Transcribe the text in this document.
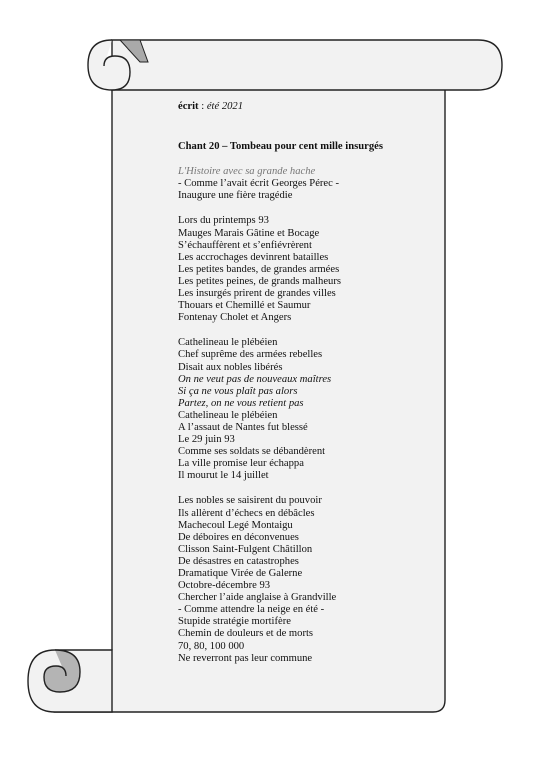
écrit : été 2021
Chant 20 – Tombeau pour cent mille insurgés
L'Histoire avec sa grande hache
- Comme l’avait écrit Georges Pérec -
Inaugure une fière tragédie
Lors du printemps 93
Mauges Marais Gâtine et Bocage
S’échauffèrent et s’enfiévrèrent
Les accrochages devinrent batailles
Les petites bandes, de grandes armées
Les petites peines, de grands malheurs
Les insurgés prirent de grandes villes
Thouars et Chemillé et Saumur
Fontenay Cholet et Angers
Cathelineau le plébéien
Chef suprême des armées rebelles
Disait aux nobles libérés
On ne veut pas de nouveaux maîtres
Si ça ne vous plaît pas alors
Partez, on ne vous retient pas
Cathelineau le plébéien
A l’assaut de Nantes fut blessé
Le 29 juin 93
Comme ses soldats se débandèrent
La ville promise leur échappa
Il mourut le 14 juillet
Les nobles se saisirent du pouvoir
Ils allèrent d’échecs en débâcles
Machecoul Legé Montaigu
De déboires en déconvenues
Clisson Saint-Fulgent Châtillon
De désastres en catastrophes
Dramatique Virée de Galerne
Octobre-décembre 93
Chercher l’aide anglaise à Grandville
- Comme attendre la neige en été -
Stupide stratégie mortifère
Chemin de douleurs et de morts
70, 80, 100 000
Ne reverront pas leur commune
